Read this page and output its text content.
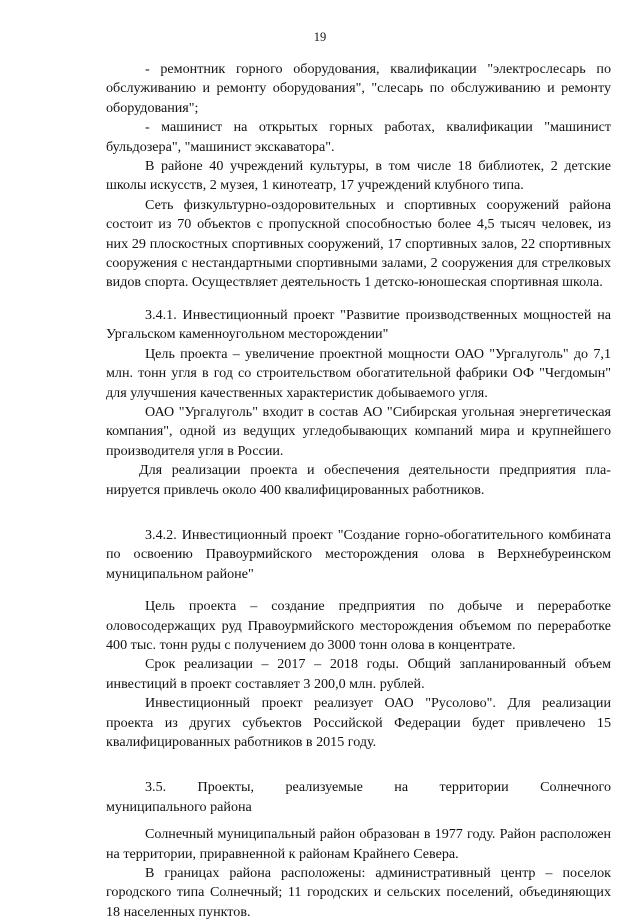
19

- ремонтник горного оборудования, квалификации "электрослесарь по обслуживанию и ремонту оборудования", "слесарь по обслуживанию и ремонту оборудования";

- машинист на открытых горных работах, квалификации "машинист бульдозера", "машинист экскаватора".

В районе 40 учреждений культуры, в том числе 18 библиотек, 2 детские школы искусств, 2 музея, 1 кинотеатр, 17 учреждений клубного типа.

Сеть физкультурно-оздоровительных и спортивных сооружений района состоит из 70 объектов с пропускной способностью более 4,5 тысяч человек, из них 29 плоскостных спортивных сооружений, 17 спортивных залов, 22 спортивных сооружения с нестандартными спортивными залами, 2 сооружения для стрелковых видов спорта. Осуществляет деятельность 1 детско-юношеская спортивная школа.

3.4.1. Инвестиционный проект "Развитие производственных мощностей на Ургальском каменноугольном месторождении"

Цель проекта – увеличение проектной мощности ОАО "Ургалуголь" до 7,1 млн. тонн угля в год со строительством обогатительной фабрики ОФ "Чегдомын" для улучшения качественных характеристик добываемого угля.

ОАО "Ургалуголь" входит в состав АО "Сибирская угольная энергетическая компания", одной из ведущих угледобывающих компаний мира и крупнейшего производителя угля в России.

Для реализации проекта и обеспечения деятельности предприятия планируется привлечь около 400 квалифицированных работников.

3.4.2. Инвестиционный проект "Создание горно-обогатительного комбината по освоению Правоурмийского месторождения олова в Верхнебуреинском муниципальном районе"

Цель проекта – создание предприятия по добыче и переработке оловосодержащих руд Правоурмийского месторождения объемом по переработке 400 тыс. тонн руды с получением до 3000 тонн олова в концентрате.

Срок реализации – 2017 – 2018 годы. Общий запланированный объем инвестиций в проект составляет 3 200,0 млн. рублей.

Инвестиционный проект реализует ОАО "Русолово". Для реализации проекта из других субъектов Российской Федерации будет привлечено 15 квалифицированных работников в 2015 году.

3.5. Проекты, реализуемые на территории Солнечного

муниципального района

Солнечный муниципальный район образован в 1977 году. Район расположен на территории, приравненной к районам Крайнего Севера.

В границах района расположены: административный центр – поселок городского типа Солнечный; 11 городских и сельских поселений, объединяющих 18 населенных пунктов.
